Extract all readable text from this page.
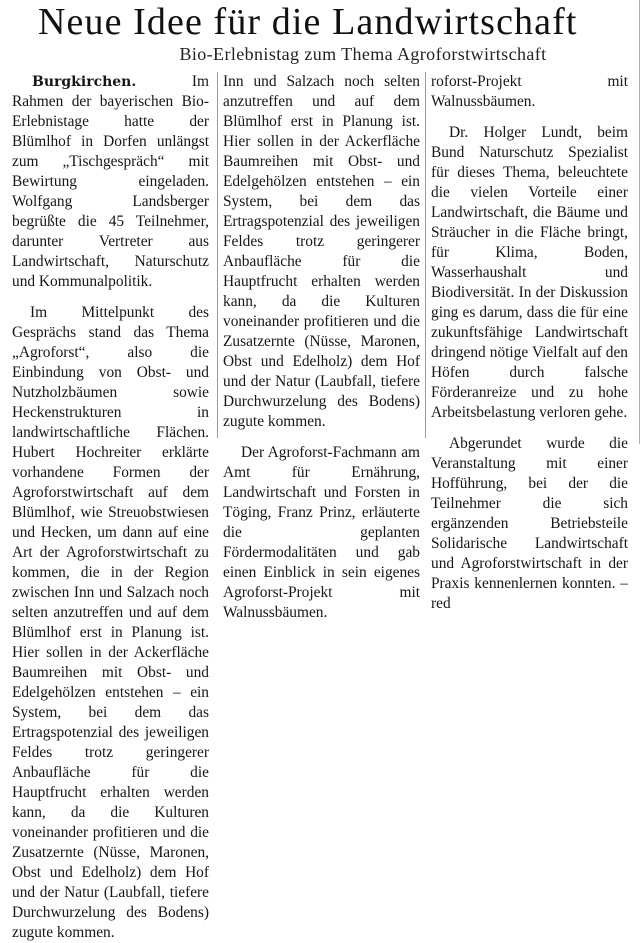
Neue Idee für die Landwirtschaft
Bio-Erlebnistag zum Thema Agroforstwirtschaft

Burgkirchen.	Im Rahmen der bayerischen Bio-Erlebnistage hatte der Blümlhof in Dorfen unlängst zum „Tischgespräch“ mit Bewirtung eingeladen. Wolfgang Landsberger begrüßte die 45 Teilnehmer, darunter Vertreter aus Landwirtschaft, Naturschutz und Kommunalpolitik.

Im Mittelpunkt des Gesprächs stand das Thema „Agroforst“, also die Einbindung von Obst- und Nutzholzbäumen sowie Heckenstrukturen in landwirtschaftliche Flächen. Hubert Hochreiter erklärte vorhandene Formen der Agroforstwirtschaft auf dem Blümlhof, wie Streuobstwiesen und Hecken, um dann auf eine Art der Agroforstwirtschaft zu kommen, die in der Region zwischen Inn und Salzach noch selten anzutreffen und auf dem Blümlhof erst in Planung ist. Hier sollen in der Ackerfläche Baumreihen mit Obst- und Edelgehölzen entstehen – ein System, bei dem das Ertragspotenzial des jeweiligen Feldes trotz geringerer Anbaufläche für die Hauptfrucht erhalten werden kann, da die Kulturen voneinander profitieren und die Zusatzernte (Nüsse, Maronen, Obst und Edelholz) dem Hof und der Natur (Laubfall, tiefere Durchwurzelung des Bodens) zugute kommen.

Inn und Salzach noch selten anzutreffen und auf dem Blümlhof erst in Planung ist. Hier sollen in der Ackerfläche Baumreihen mit Obst- und Edelgehölzen entstehen – ein System, bei dem das Ertragspotenzial des jeweiligen Feldes trotz geringerer Anbaufläche für die Hauptfrucht erhalten werden kann, da die Kulturen voneinander profitieren und die Zusatzernte (Nüsse, Maronen, Obst und Edelholz) dem Hof und der Natur (Laubfall, tiefere Durchwurzelung des Bodens) zugute kommen.

Der Agroforst-Fachmann am Amt für Ernährung, Landwirtschaft und Forsten in Töging, Franz Prinz, erläuterte die geplanten Fördermodalitäten und gab einen Einblick in sein eigenes Agroforst-Projekt mit Walnussbäumen.

roforst-Projekt mit Walnussbäumen.

Dr. Holger Lundt, beim Bund Naturschutz Spezialist für dieses Thema, beleuchtete die vielen Vorteile einer Landwirtschaft, die Bäume und Sträucher in die Fläche bringt, für Klima, Boden, Wasserhaushalt und Biodiversität. In der Diskussion ging es darum, dass die für eine zukunftsfähige Landwirtschaft dringend nötige Vielfalt auf den Höfen durch falsche Förderanreize und zu hohe Arbeitsbelastung verloren gehe.

Abgerundet wurde die Veranstaltung mit einer Hofführung, bei der die Teilnehmer die sich ergänzenden Betriebsteile Solidarische Landwirtschaft und Agroforstwirtschaft in der Praxis kennenlernen konnten. – red
